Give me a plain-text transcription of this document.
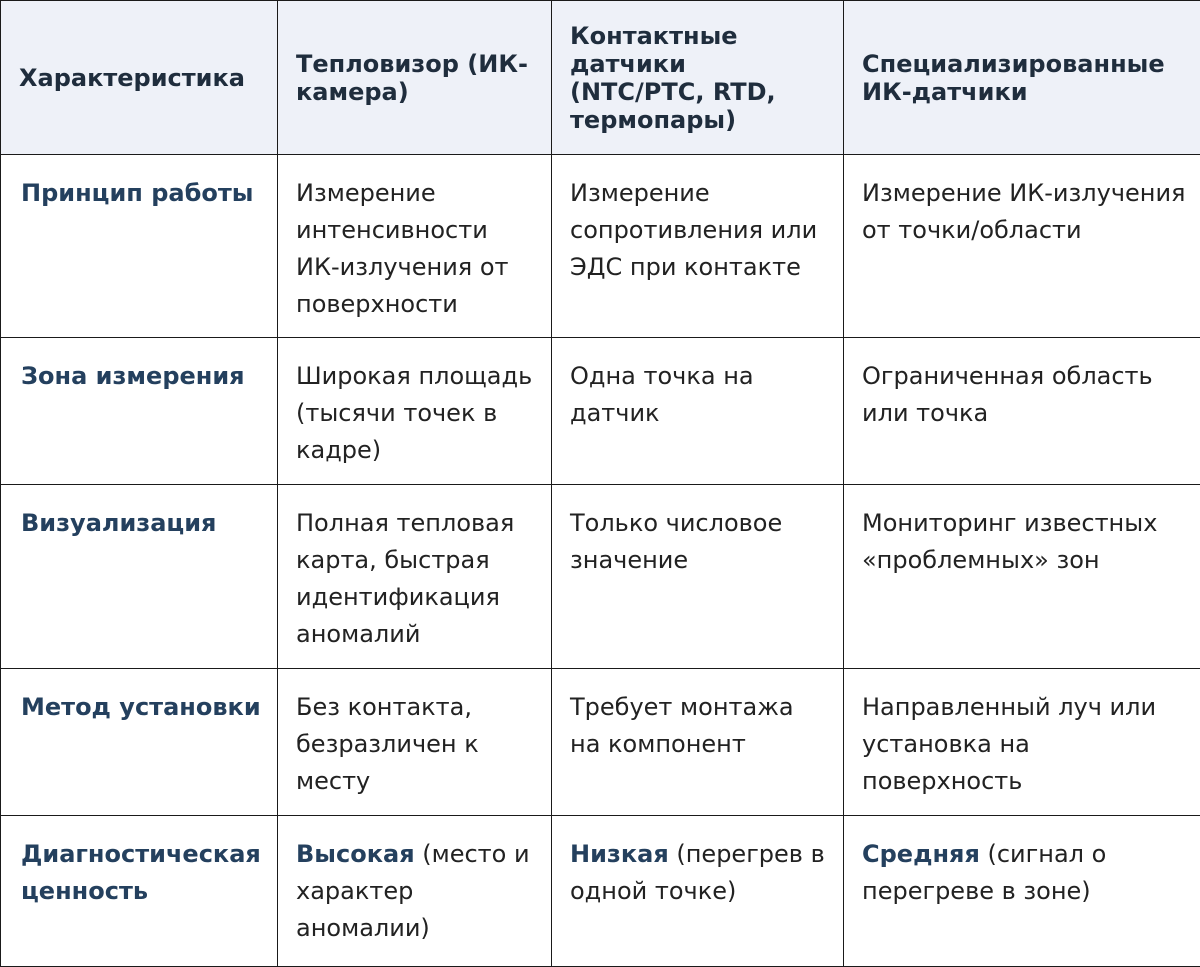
Характеристика	Тепловизор (ИК-камера)	Контактные датчики (NTC/PTC, RTD, термопары)	Специализированные ИК-датчики
Принцип работы	Измерение интенсивности ИК-излучения от поверхности	Измерение сопротивления или ЭДС при контакте	Измерение ИК-излучения от точки/области
Зона измерения	Широкая площадь (тысячи точек в кадре)	Одна точка на датчик	Ограниченная область или точка
Визуализация	Полная тепловая карта, быстрая идентификация аномалий	Только числовое значение	Мониторинг известных «проблемных» зон
Метод установки	Без контакта, безразличен к месту	Требует монтажа на компонент	Направленный луч или установка на поверхность
Диагностическая ценность	Высокая (место и характер аномалии)	Низкая (перегрев в одной точке)	Средняя (сигнал о перегреве в зоне)
